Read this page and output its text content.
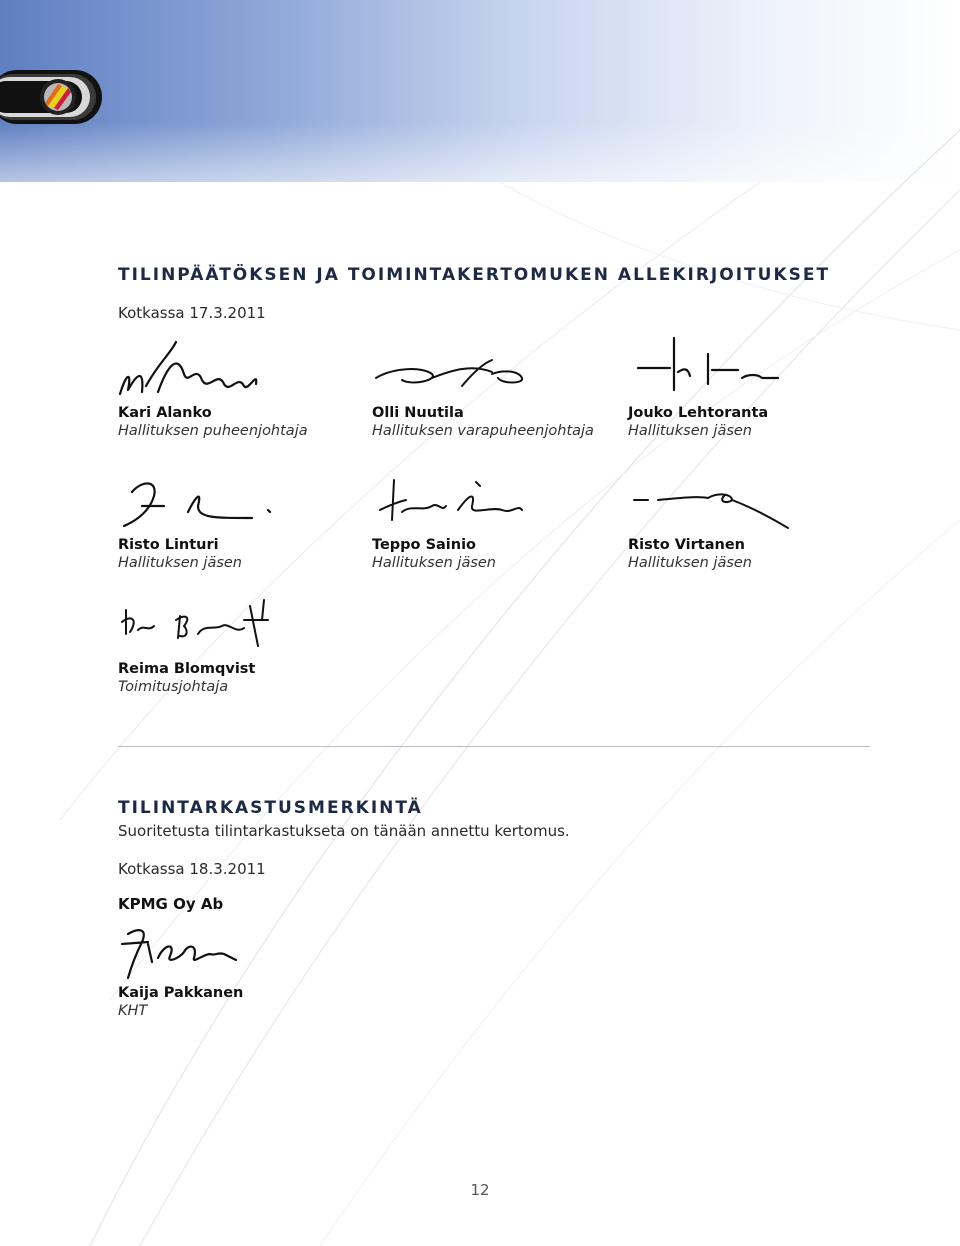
TILINPÄÄTÖKSEN JA TOIMINTAKERTOMUKEN ALLEKIRJOITUKSET
Kotkassa 17.3.2011
Kari Alanko
Hallituksen puheenjohtaja
Olli Nuutila
Hallituksen varapuheenjohtaja
Jouko Lehtoranta
Hallituksen jäsen
Risto Linturi
Hallituksen jäsen
Teppo Sainio
Hallituksen jäsen
Risto Virtanen
Hallituksen jäsen
Reima Blomqvist
Toimitusjohtaja
TILINTARKASTUSMERKINTÄ
Suoritetusta tilintarkastukseta on tänään annettu kertomus.
Kotkassa 18.3.2011
KPMG Oy Ab
Kaija Pakkanen
KHT
12
